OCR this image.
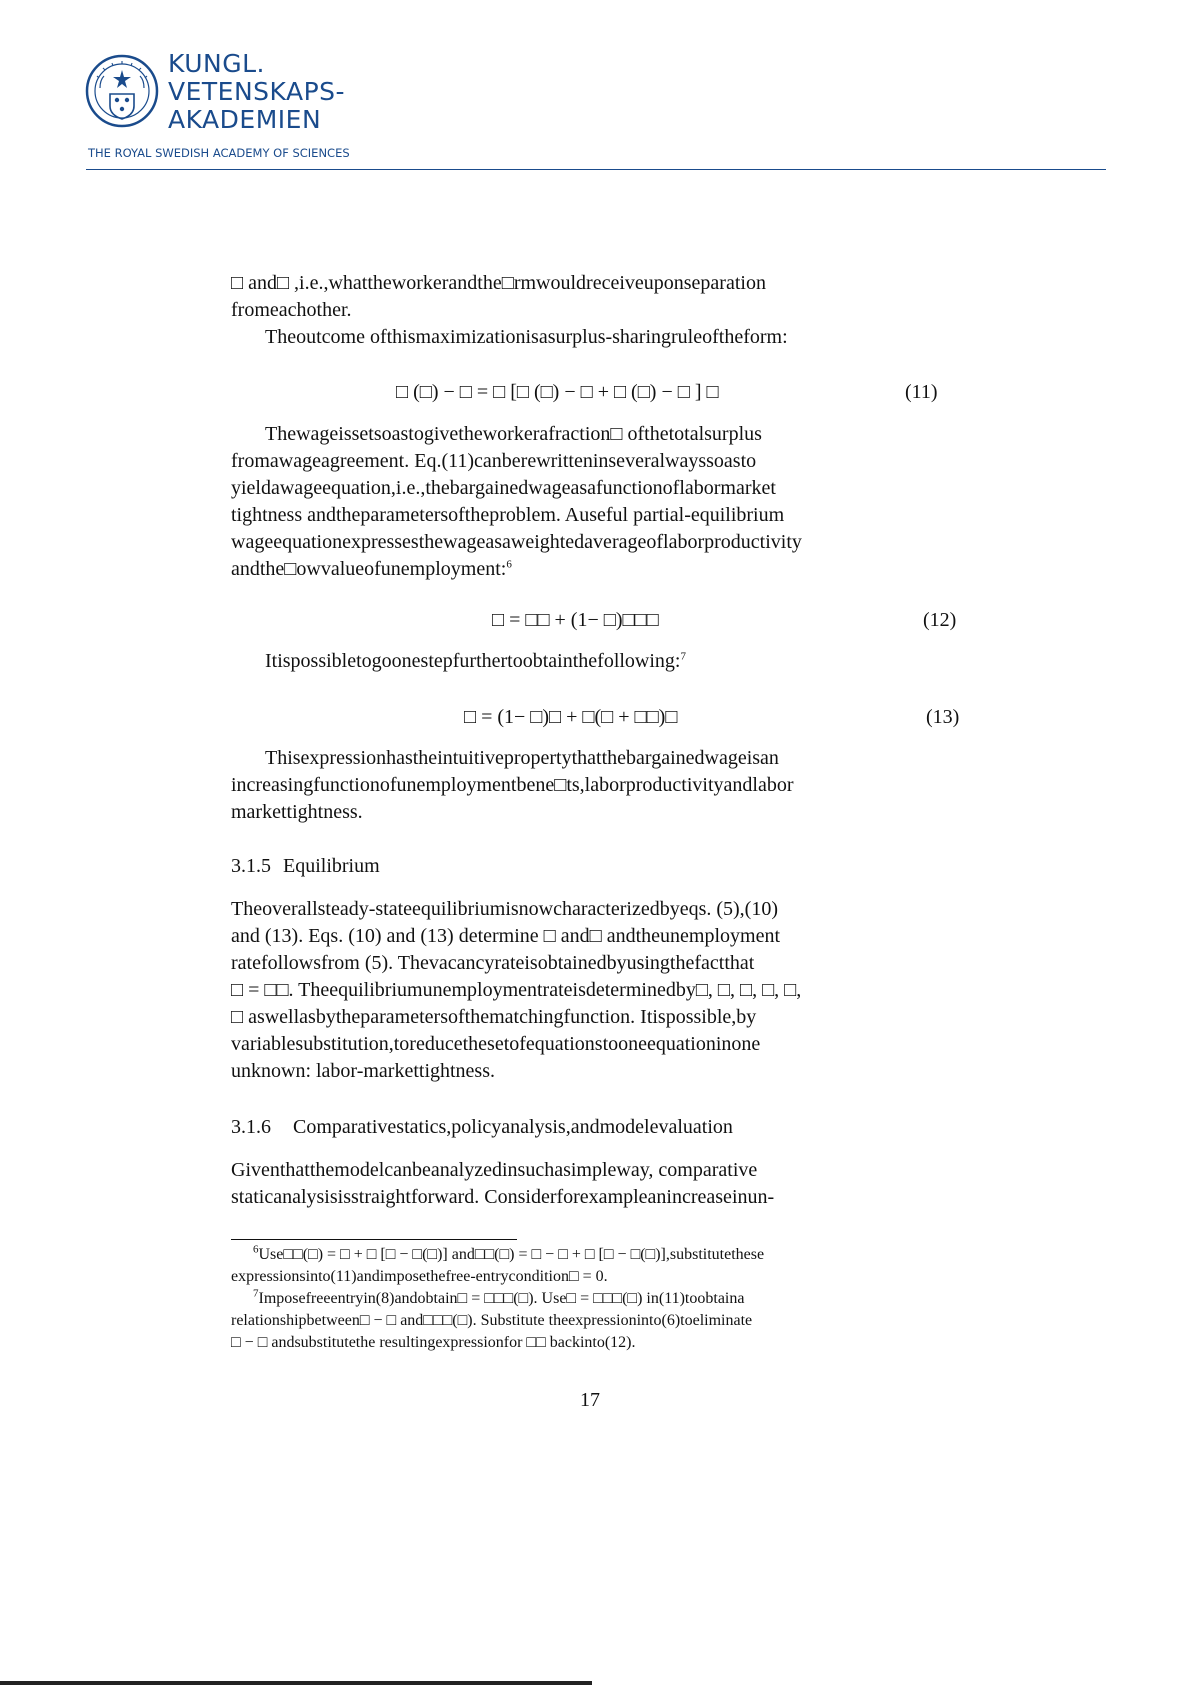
KUNGL.
VETENSKAPS-
AKADEMIEN
THE ROYAL SWEDISH ACADEMY OF SCIENCES

□ and□ ,i.e.,whattheworkerandthe□rmwouldreceiveuponseparation

fromeachother.

Theoutcome ofthismaximizationisasurplus-sharingruleoftheform:

□ (□) − □ = □ [□ (□) − □ + □ (□) − □ ] □	(11)

Thewageissetsoastogivetheworkerafraction□ ofthetotalsurplus

fromawageagreement. Eq.(11)canberewritteninseveralwayssoasto

yieldawageequation,i.e.,thebargainedwageasafunctionoflabormarket

tightness andtheparametersoftheproblem. Auseful partial-equilibrium

wageequationexpressesthewageasaweightedaverageoflaborproductivity

andthe□owvalueofunemployment:$^6$

□ = □□ + (1− □)□□□	(12)

Itispossibletogoonestepfurthertoobtainthefollowing:$^7$

□ = (1− □)□ + □(□ + □□)□	(13)

Thisexpressionhastheintuitivepropertythatthebargainedwageisan

increasingfunctionofunemploymentbene□ts,laborproductivityandlabor

markettightness.

3.1.5 Equilibrium

Theoverallsteady-stateequilibriumisnowcharacterizedbyeqs. (5),(10)

and (13). Eqs. (10) and (13) determine □ and□ andtheunemployment

ratefollowsfrom (5). Thevacancyrateisobtainedbyusingthefactthat

□ = □□. Theequilibriumunemploymentrateisdeterminedby□, □, □, □, □,

□ aswellasbytheparametersofthematchingfunction. Itispossible,by

variablesubstitution,toreducethesetofequationstooneequationinone

unknown: labor-markettightness.

3.1.6 Comparativestatics,policyanalysis,andmodelevaluation

Giventhatthemodelcanbeanalyzedinsuchasimpleway, comparative

staticanalysisisstraightforward. Considerforexampleanincreaseinun-

$^6$Use□□(□) = □ + □ [□ − □(□)] and□□(□) = □ − □ + □ [□ − □(□)],substitutethese

expressionsinto(11)andimposethefree-entrycondition□ = 0.

$^7$Imposefreeentryin(8)andobtain□ = □□□(□). Use□ = □□□(□) in(11)toobtaina

relationshipbetween□ − □ and□□□(□). Substitute theexpressioninto(6)toeliminate

□ − □ andsubstitutethe resultingexpressionfor □□ backinto(12).

17
